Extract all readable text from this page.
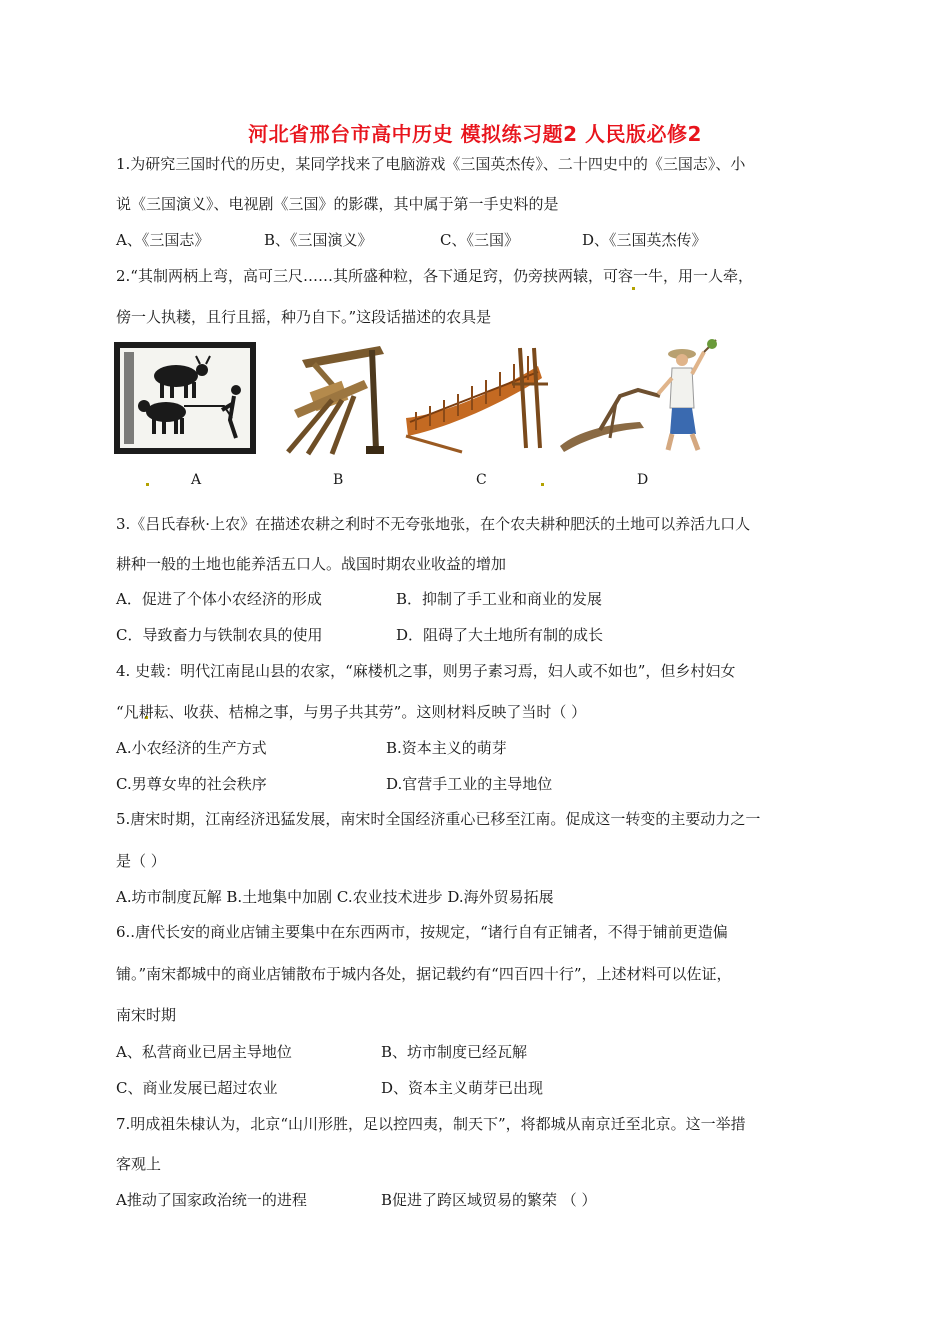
河北省邢台市高中历史 模拟练习题2 人民版必修2
1.为研究三国时代的历史，某同学找来了电脑游戏《三国英杰传》、二十四史中的《三国志》、小
说《三国演义》、电视剧《三国》的影碟，其中属于第一手史料的是
A、《三国志》	B、《三国演义》	C、《三国》	D、《三国英杰传》
2.“其制两柄上弯，高可三尺……其所盛种粒，各下通足窍，仍旁挟两辕，可容一牛，用一人牵，
傍一人执耧，且行且摇，种乃自下。”这段话描述的农具是
A	B	C	D
3.《吕氏春秋·上农》在描述农耕之利时不无夸张地张，在个农夫耕种肥沃的土地可以养活九口人
耕种一般的土地也能养活五口人。战国时期农业收益的增加
A．促进了个体小农经济的形成	B．抑制了手工业和商业的发展
C．导致畜力与铁制农具的使用	D．阻碍了大土地所有制的成长
4. 史载：明代江南昆山县的农家，“麻楼机之事，则男子素习焉，妇人或不如也”，但乡村妇女
“凡耕耘、收获、桔棉之事，与男子共其劳”。这则材料反映了当时（ ）
A.小农经济的生产方式	B.资本主义的萌芽
C.男尊女卑的社会秩序	D.官营手工业的主导地位
5.唐宋时期，江南经济迅猛发展，南宋时全国经济重心已移至江南。促成这一转变的主要动力之一
是（ ）
A.坊市制度瓦解 B.土地集中加剧 C.农业技术进步 D.海外贸易拓展
6..唐代长安的商业店铺主要集中在东西两市，按规定，“诸行自有正铺者，不得于铺前更造偏
铺。”南宋都城中的商业店铺散布于城内各处，据记载约有“四百四十行”，上述材料可以佐证，
南宋时期
A、私营商业已居主导地位	B、坊市制度已经瓦解
C、商业发展已超过农业	D、资本主义萌芽已出现
7.明成祖朱棣认为，北京“山川形胜，足以控四夷，制天下”，将都城从南京迁至北京。这一举措
客观上
A推动了国家政治统一的进程	B促进了跨区域贸易的繁荣 （ ）
